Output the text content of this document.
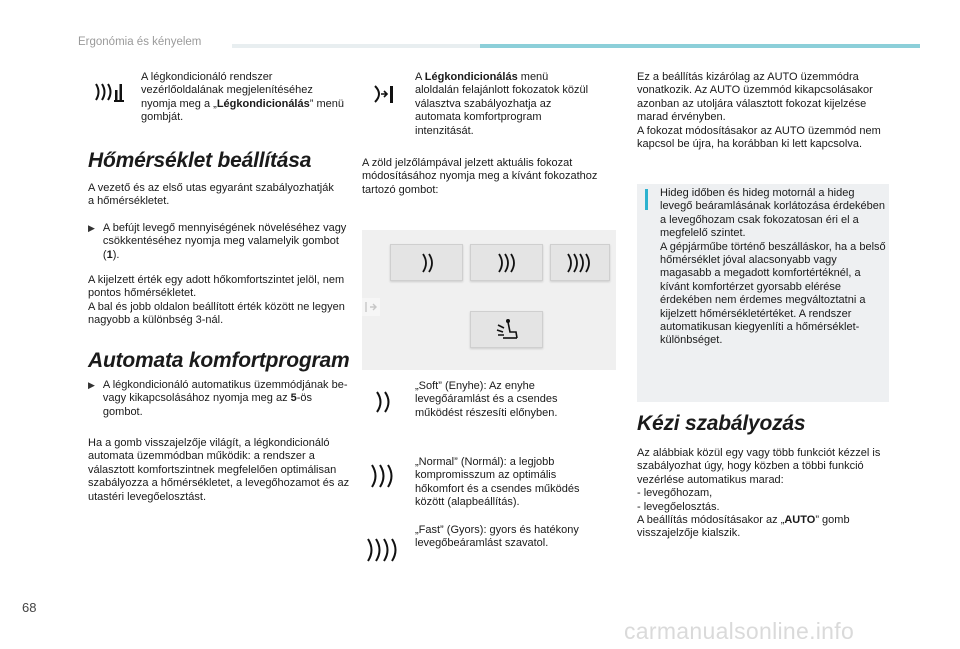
Ergonómia és kényelem
A légkondicionáló rendszer vezérlőoldalának megjelenítéséhez nyomja meg a „Légkondicionálás” menü gombját.
Hőmérséklet beállítása
A vezető és az első utas egyaránt szabályozhatják a hőmérsékletet.
▶ A befújt levegő mennyiségének növeléséhez vagy csökkentéséhez nyomja meg valamelyik gombot (1).
A kijelzett érték egy adott hőkomfortszintet jelöl, nem pontos hőmérsékletet.
A bal és jobb oldalon beállított érték között ne legyen nagyobb a különbség 3-nál.
Automata komfortprogram
▶ A légkondicionáló automatikus üzemmódjának be- vagy kikapcsolásához nyomja meg az 5-ös gombot.
Ha a gomb visszajelzője világít, a légkondicionáló automata üzemmódban működik: a rendszer a választott komfortszintnek megfelelően optimálisan szabályozza a hőmérsékletet, a levegőhozamot és az utastéri levegőelosztást.
A Légkondicionálás menü aloldalán felajánlott fokozatok közül választva szabályozhatja az automata komfortprogram intenzitását.
A zöld jelzőlámpával jelzett aktuális fokozat módosításához nyomja meg a kívánt fokozathoz tartozó gombot:
„Soft” (Enyhe): Az enyhe levegőáramlást és a csendes működést részesíti előnyben.
„Normal” (Normál): a legjobb kompromisszum az optimális hőkomfort és a csendes működés között (alapbeállítás).
„Fast” (Gyors): gyors és hatékony levegőbeáramlást szavatol.
Ez a beállítás kizárólag az AUTO üzemmódra vonatkozik. Az AUTO üzemmód kikapcsolásakor azonban az utoljára választott fokozat kijelzése marad érvényben.
A fokozat módosításakor az AUTO üzemmód nem kapcsol be újra, ha korábban ki lett kapcsolva.
Hideg időben és hideg motornál a hideg levegő beáramlásának korlátozása érdekében a levegőhozam csak fokozatosan éri el a megfelelő szintet.
A gépjárműbe történő beszálláskor, ha a belső hőmérséklet jóval alacsonyabb vagy magasabb a megadott komfortértéknél, a kívánt komfortérzet gyorsabb elérése érdekében nem érdemes megváltoztatni a kijelzett hőmérsékletértéket. A rendszer automatikusan kiegyenlíti a hőmérséklet-különbséget.
Kézi szabályozás
Az alábbiak közül egy vagy több funkciót kézzel is szabályozhat úgy, hogy közben a többi funkció vezérlése automatikus marad:
- levegőhozam,
- levegőelosztás.
A beállítás módosításakor az „AUTO” gomb visszajelzője kialszik.
68
carmanualsonline.info
